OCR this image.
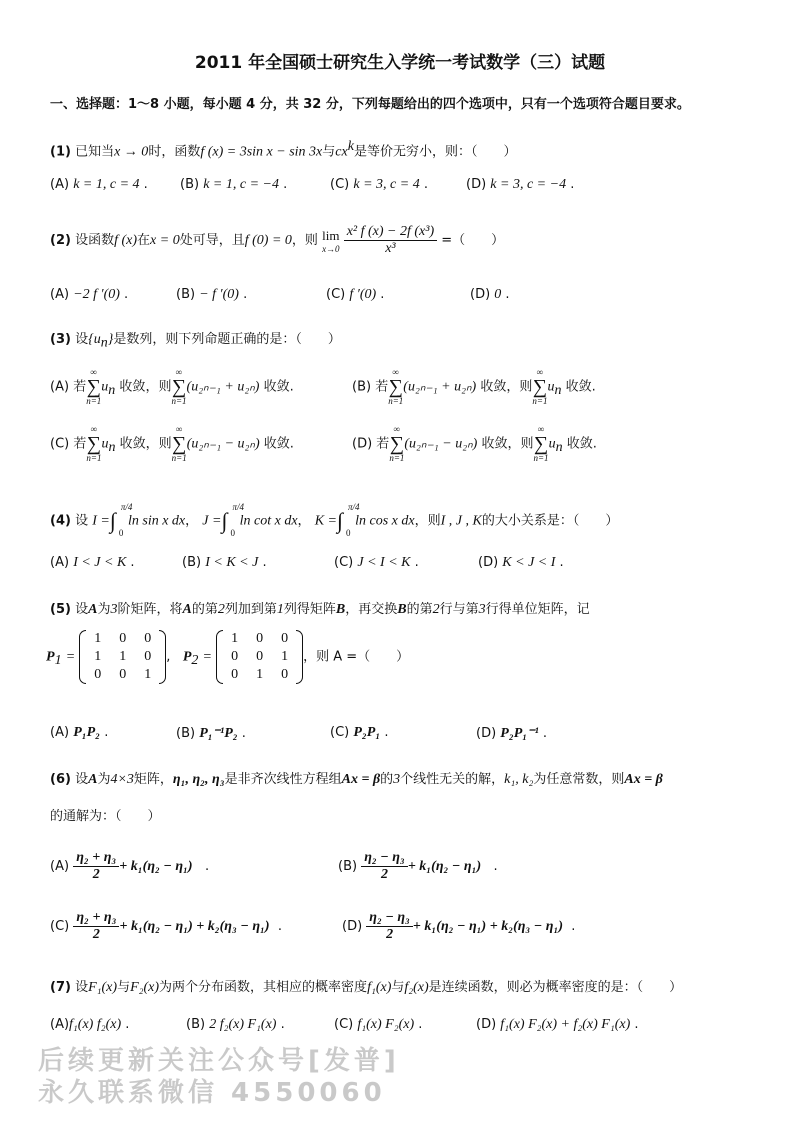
2011 年全国硕士研究生入学统一考试数学（三）试题
一、选择题：1～8 小题，每小题 4 分，共 32 分，下列每题给出的四个选项中，只有一个选项符合题目要求。
(1) 已知当x → 0时，函数f (x) = 3sin x − sin 3x与$cx^k$是等价无穷小，则：（　　）
(A) k = 1, c = 4 . (B) k = 1, c = −4 .	(C) k = 3, c = 4 .	(D) k = 3, c = −4 .
(2) 设函数f (x)在x = 0处可导，且f (0) = 0，则 lim
x→0
$\frac{\text{x² f (x) − 2f (x³)}}{\text{x³}}$ =（　　）
(A) −2 f ′(0) .	(B) − f ′(0) .	(C) f ′(0) .	(D) 0 .
(3) 设$\{u_n\}$是数列，则下列命题正确的是：（　　）
(A) 若
∞
∑
n=1
$u_n$ 收敛，则
∞
∑
n=1
(u₂ₙ₋₁ + u₂ₙ) 收敛.	(B) 若
∞
∑
n=1
(u₂ₙ₋₁ + u₂ₙ) 收敛，则
∞
∑
n=1
$u_n$ 收敛.
(C) 若
∞
∑
n=1
$u_n$ 收敛，则
∞
∑
n=1
(u₂ₙ₋₁ − u₂ₙ) 收敛.	(D) 若
∞
∑
n=1
(u₂ₙ₋₁ − u₂ₙ) 收敛，则
∞
∑
n=1
$u_n$ 收敛.
(4) 设 I =∫
π/4
0
ln sin x dx， J =∫
π/4
0
ln cot x dx， K =∫
π/4
0
ln cos x dx，则I , J , K的大小关系是：（　　）
(A) I < J < K .	(B) I < K < J .	(C) J < I < K .	(D) K < J < I .
(5) 设A为3阶矩阵，将A的第2列加到第1列得矩阵B，再交换B的第2行与第3行得单位矩阵，记
$P_1$ =
1	0	0
1	1	0
0	0	1
,   $P_2$ =
1	0	0
0	0	1
0	1	0
，则 A =（　　）
(A) P₁P₂ .	(B) P₁⁻¹P₂ .	(C) P₂P₁ .	(D) P₂P₁⁻¹ .
(6) 设A为4×3矩阵，η₁, η₂, η₃是非齐次线性方程组Ax = β的3个线性无关的解，k₁, k₂为任意常数，则Ax = β
的通解为：（　　）
$(A) \frac{\text{η₂ + η₃}}{2} + k_1(\eta_2 - \eta_1)$ .	$(B) \frac{\text{η₂ − η₃}}{2} + k_1(\eta_2 - \eta_1)$ .
$(C) \frac{\text{η₂ + η₃}}{2} + k_1(\eta_2 - \eta_1) + k_2(\eta_3 - \eta_1)$ .	$(D) \frac{\text{η₂ − η₃}}{2} + k_1(\eta_2 - \eta_1) + k_2(\eta_3 - \eta_1)$ .
(7) 设F₁(x)与F₂(x)为两个分布函数，其相应的概率密度f₁(x)与f₂(x)是连续函数，则必为概率密度的是：（　　）
(A)f₁(x) f₂(x) .	(B) 2 f₂(x) F₁(x) .	(C) f₁(x) F₂(x) .	(D) f₁(x) F₂(x) + f₂(x) F₁(x) .
后续更新关注公众号[发普]
永久联系微信 4550060
